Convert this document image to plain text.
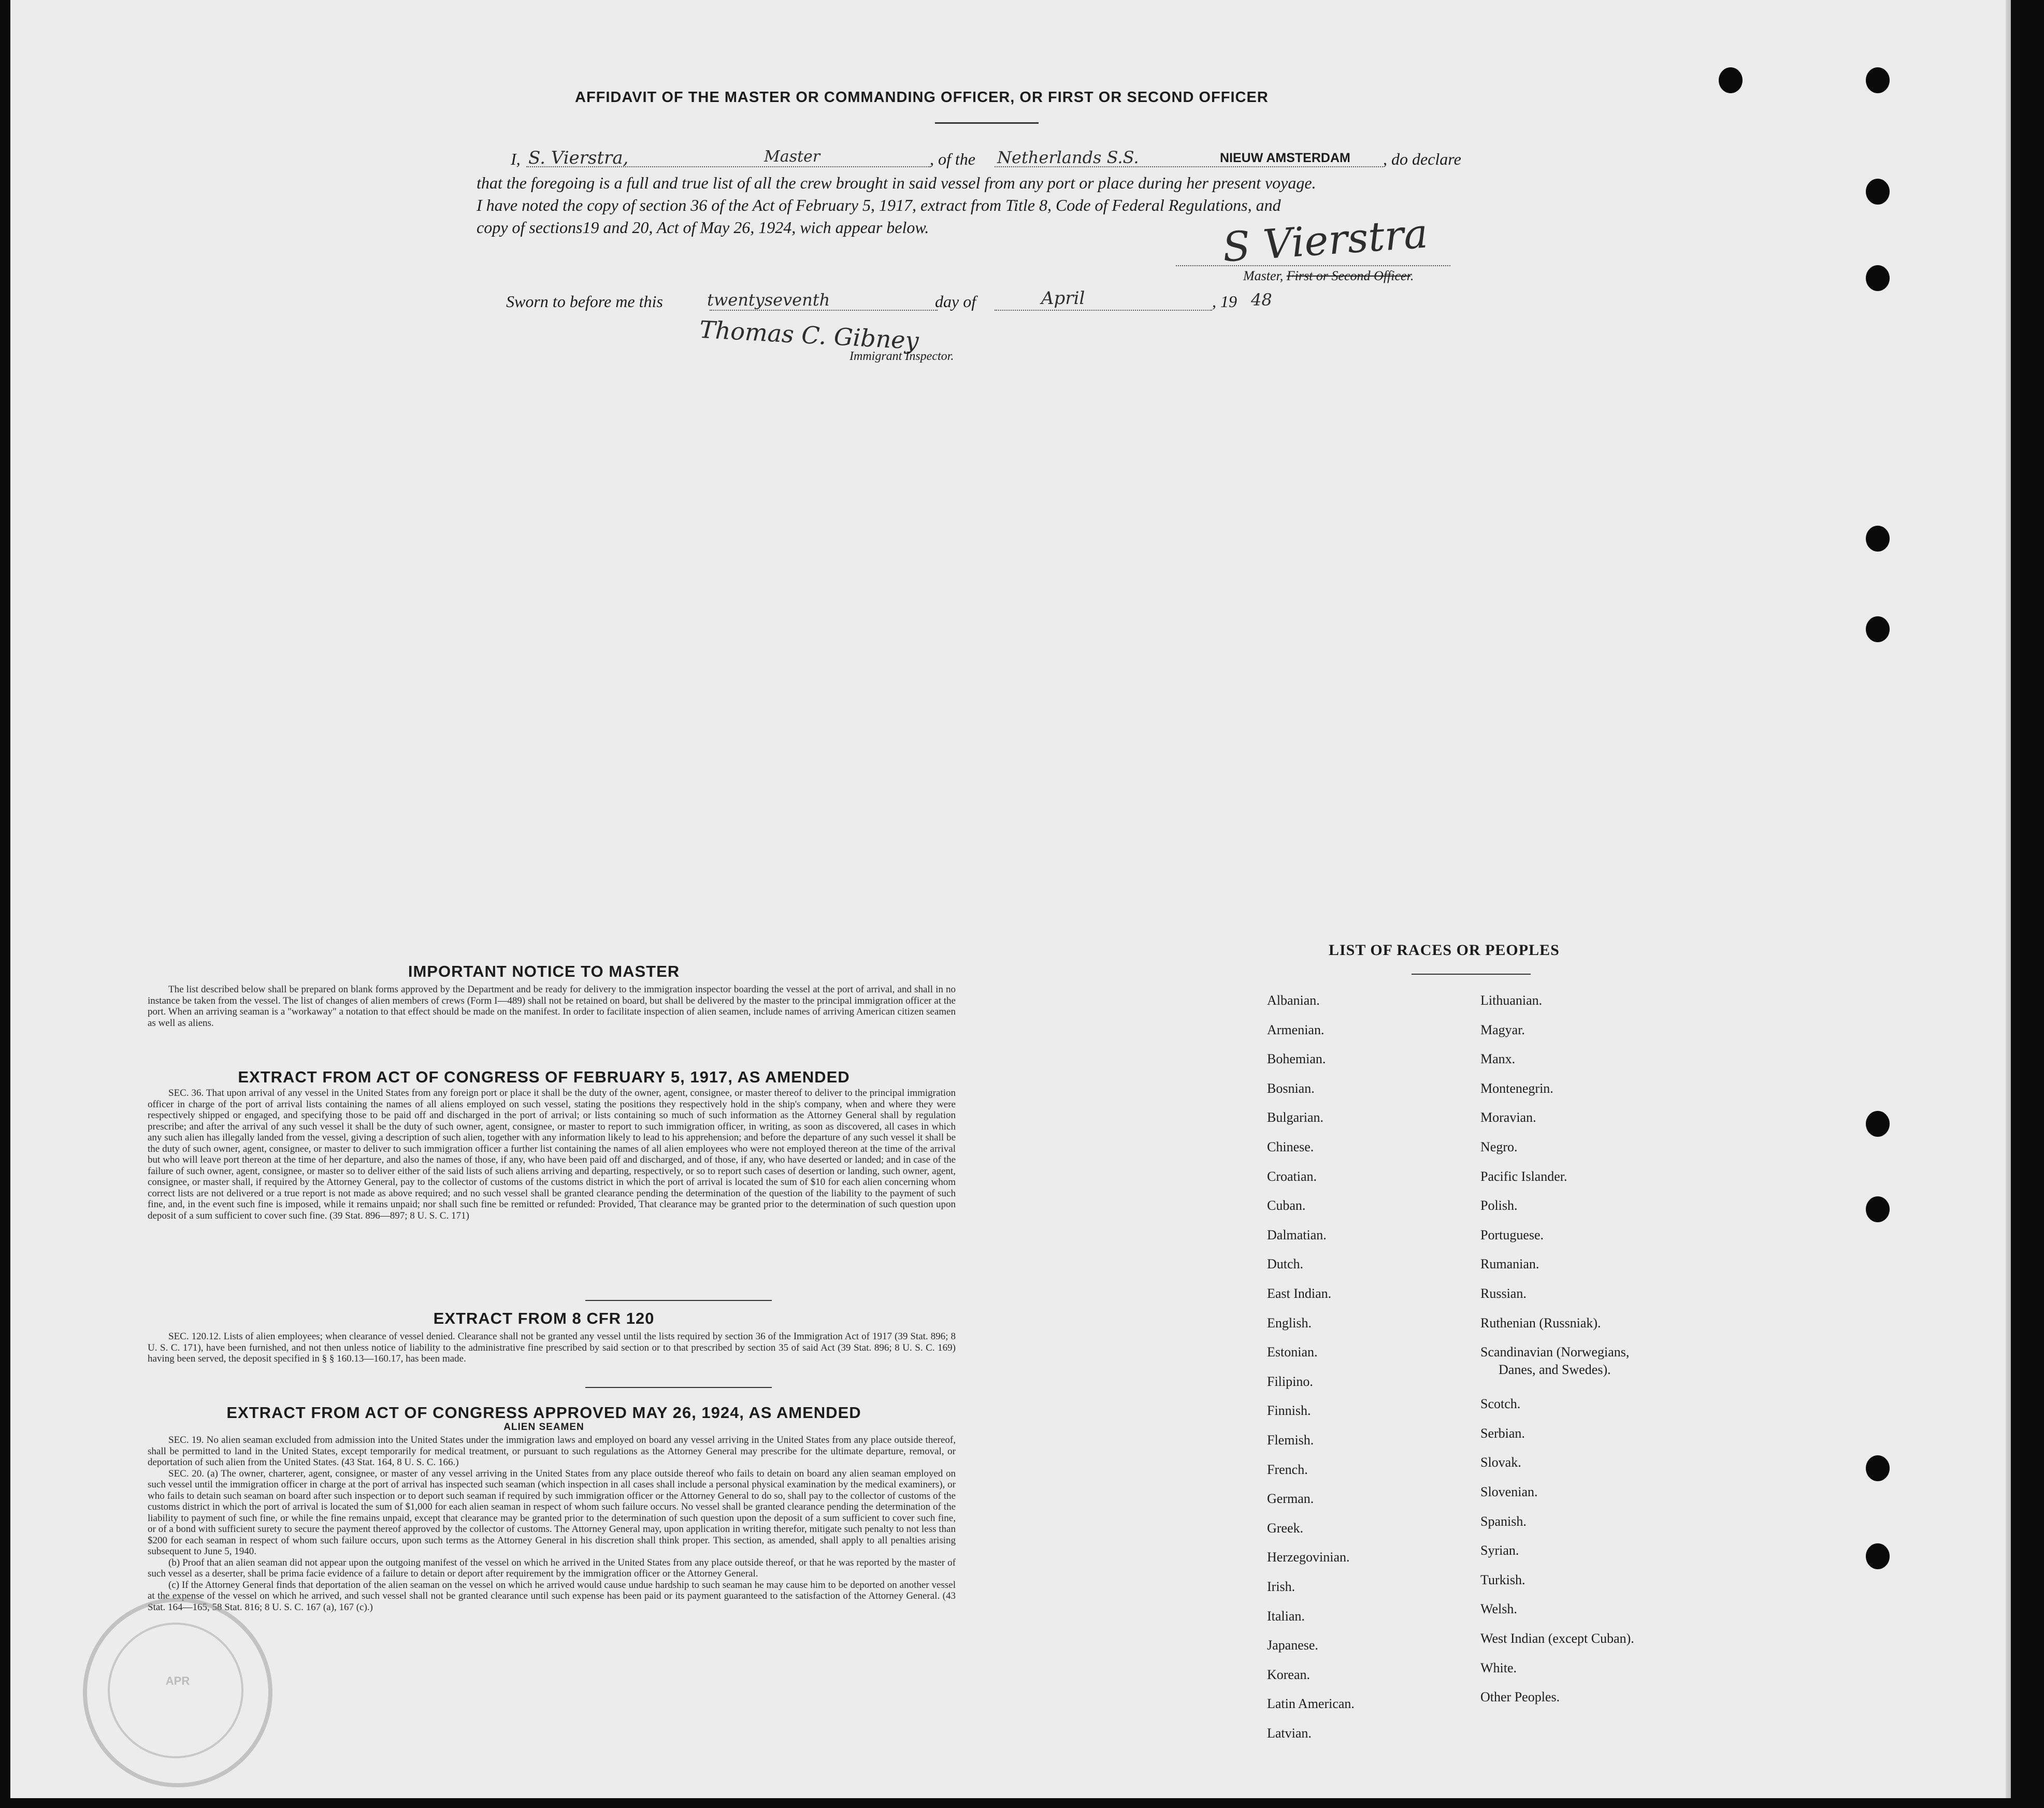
AFFIDAVIT OF THE MASTER OR COMMANDING OFFICER, OR FIRST OR SECOND OFFICER
I, S. Vierstra,	Master	, of the Netherlands S.S.	NIEUW AMSTERDAM , do declare
that the foregoing is a full and true list of all the crew brought in said vessel from any port or place during her present voyage.
I have noted the copy of section 36 of the Act of February 5, 1917, extract from Title 8, Code of Federal Regulations, and
copy of sections19 and 20, Act of May 26, 1924, wich appear below.	S Vierstra
Master, First or Second Officer.
Sworn to before me this	twentyseventh	day of	April	, 19 48
Thomas C. Gibney
Immigrant Inspector.
IMPORTANT NOTICE TO MASTER

The list described below shall be prepared on blank forms approved by the Department and be ready for delivery to the immigration inspector boarding the vessel at the port of arrival, and shall in no instance be taken from the vessel. The list of changes of alien members of crews (Form I—489) shall not be retained on board, but shall be delivered by the master to the principal immigration officer at the port. When an arriving seaman is a "workaway" a notation to that effect should be made on the manifest. In order to facilitate inspection of alien seamen, include names of arriving American citizen seamen as well as aliens.

EXTRACT FROM ACT OF CONGRESS OF FEBRUARY 5, 1917, AS AMENDED

SEC. 36. That upon arrival of any vessel in the United States from any foreign port or place it shall be the duty of the owner, agent, consignee, or master thereof to deliver to the principal immigration officer in charge of the port of arrival lists containing the names of all aliens employed on such vessel, stating the positions they respectively hold in the ship's company, when and where they were respectively shipped or engaged, and specifying those to be paid off and discharged in the port of arrival; or lists containing so much of such information as the Attorney General shall by regulation prescribe; and after the arrival of any such vessel it shall be the duty of such owner, agent, consignee, or master to report to such immigration officer, in writing, as soon as discovered, all cases in which any such alien has illegally landed from the vessel, giving a description of such alien, together with any information likely to lead to his apprehension; and before the departure of any such vessel it shall be the duty of such owner, agent, consignee, or master to deliver to such immigration officer a further list containing the names of all alien employees who were not employed thereon at the time of the arrival but who will leave port thereon at the time of her departure, and also the names of those, if any, who have been paid off and discharged, and of those, if any, who have deserted or landed; and in case of the failure of such owner, agent, consignee, or master so to deliver either of the said lists of such aliens arriving and departing, respectively, or so to report such cases of desertion or landing, such owner, agent, consignee, or master shall, if required by the Attorney General, pay to the collector of customs of the customs district in which the port of arrival is located the sum of $10 for each alien concerning whom correct lists are not delivered or a true report is not made as above required; and no such vessel shall be granted clearance pending the determination of the question of the liability to the payment of such fine, and, in the event such fine is imposed, while it remains unpaid; nor shall such fine be remitted or refunded: Provided, That clearance may be granted prior to the determination of such question upon deposit of a sum sufficient to cover such fine. (39 Stat. 896—897; 8 U. S. C. 171)

EXTRACT FROM 8 CFR 120

SEC. 120.12. Lists of alien employees; when clearance of vessel denied. Clearance shall not be granted any vessel until the lists required by section 36 of the Immigration Act of 1917 (39 Stat. 896; 8 U. S. C. 171), have been furnished, and not then unless notice of liability to the administrative fine prescribed by said section or to that prescribed by section 35 of said Act (39 Stat. 896; 8 U. S. C. 169) having been served, the deposit specified in § § 160.13—160.17, has been made.

EXTRACT FROM ACT OF CONGRESS APPROVED MAY 26, 1924, AS AMENDED
ALIEN SEAMEN

SEC. 19. No alien seaman excluded from admission into the United States under the immigration laws and employed on board any vessel arriving in the United States from any place outside thereof, shall be permitted to land in the United States, except temporarily for medical treatment, or pursuant to such regulations as the Attorney General may prescribe for the ultimate departure, removal, or deportation of such alien from the United States. (43 Stat. 164, 8 U. S. C. 166.)

SEC. 20. (a) The owner, charterer, agent, consignee, or master of any vessel arriving in the United States from any place outside thereof who fails to detain on board any alien seaman employed on such vessel until the immigration officer in charge at the port of arrival has inspected such seaman (which inspection in all cases shall include a personal physical examination by the medical examiners), or who fails to detain such seaman on board after such inspection or to deport such seaman if required by such immigration officer or the Attorney General to do so, shall pay to the collector of customs of the customs district in which the port of arrival is located the sum of $1,000 for each alien seaman in respect of whom such failure occurs. No vessel shall be granted clearance pending the determination of the liability to payment of such fine, or while the fine remains unpaid, except that clearance may be granted prior to the determination of such question upon the deposit of a sum sufficient to cover such fine, or of a bond with sufficient surety to secure the payment thereof approved by the collector of customs. The Attorney General may, upon application in writing therefor, mitigate such penalty to not less than $200 for each seaman in respect of whom such failure occurs, upon such terms as the Attorney General in his discretion shall think proper. This section, as amended, shall apply to all penalties arising subsequent to June 5, 1940.

(b) Proof that an alien seaman did not appear upon the outgoing manifest of the vessel on which he arrived in the United States from any place outside thereof, or that he was reported by the master of such vessel as a deserter, shall be prima facie evidence of a failure to detain or deport after requirement by the immigration officer or the Attorney General.

(c) If the Attorney General finds that deportation of the alien seaman on the vessel on which he arrived would cause undue hardship to such seaman he may cause him to be deported on another vessel at the expense of the vessel on which he arrived, and such vessel shall not be granted clearance until such expense has been paid or its payment guaranteed to the satisfaction of the Attorney General. (43 Stat. 164—165, 58 Stat. 816; 8 U. S. C. 167 (a), 167 (c).)

LIST OF RACES OR PEOPLES
Albanian.
Armenian.
Bohemian.
Bosnian.
Bulgarian.
Chinese.
Croatian.
Cuban.
Dalmatian.
Dutch.
East Indian.
English.
Estonian.
Filipino.
Finnish.
Flemish.
French.
German.
Greek.
Herzegovinian.
Irish.
Italian.
Japanese.
Korean.
Latin American.
Latvian.
Lithuanian.
Magyar.
Manx.
Montenegrin.
Moravian.
Negro.
Pacific Islander.
Polish.
Portuguese.
Rumanian.
Russian.
Ruthenian (Russniak).
Scandinavian (Norwegians,
Danes, and Swedes).
Scotch.
Serbian.
Slovak.
Slovenian.
Spanish.
Syrian.
Turkish.
Welsh.
West Indian (except Cuban).
White.
Other Peoples.
APR
